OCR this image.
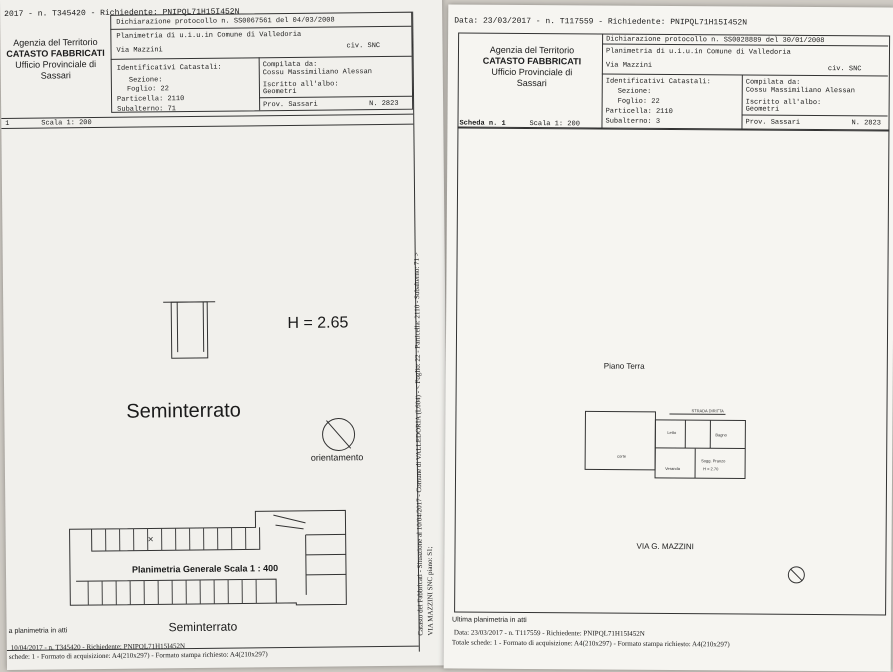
2017 - n. T345420 - Richiedente: PNIPQL71H15I452N
Agenzia del Territorio
CATASTO FABBRICATI
Ufficio Provinciale di
Sassari
Dichiarazione protocollo n. SS0067561 del 04/03/2008
Planimetria di u.i.u.in Comune di Valledoria
Via Mazzini
civ. SNC
Identificativi Catastali:
Sezione:
Foglio: 22
Particella: 2110
Subalterno: 71
Compilata da:
Cossu Massimiliano Alessan
Iscritto all'albo:
Geometri
Prov. Sassari	N. 2823
1	Scala 1: 200
×
H = 2.65
Seminterrato
orientamento
Planimetria Generale Scala 1 : 400
Seminterrato	Catasto dei Fabbricati - Situazione al 10/04/2017 - Comune di VALLEDORIA (L604) - < Foglio: 22 - Particella: 2110 - Subalterno: 71 > VIA MAZZINI SNC piano: S1;
a planimetria in atti
10/04/2017 - n. T345420 - Richiedente: PNIPQL71H15I452N
schede: 1 - Formato di acquisizione: A4(210x297) - Formato stampa richiesto: A4(210x297)
Data: 23/03/2017 - n. T117559 - Richiedente: PNIPQL71H15I452N
Agenzia del Territorio
CATASTO FABBRICATI
Ufficio Provinciale di
Sassari
Dichiarazione protocollo n. SS0028889 del 30/01/2008
Planimetria di u.i.u.in Comune di Valledoria
Via Mazzini	civ. SNC
Identificativi Catastali:
Sezione:
Foglio: 22
Particella: 2110
Subalterno: 3
Compilata da:
Cossu Massimiliano Alessan
Iscritto all'albo:
Geometri
Prov. Sassari	N. 2823
Scheda n. 1	Scala 1: 200
Piano Terra
STRADA DIRITTA
Letto	Bagno
Sogg. Pranzo
H = 2.70
Veranda
corte
VIA G. MAZZINI
Ultima planimetria in atti
Data: 23/03/2017 - n. T117559 - Richiedente: PNIPQL71H15I452N
Totale schede: 1 - Formato di acquisizione: A4(210x297) - Formato stampa richiesto: A4(210x297)
